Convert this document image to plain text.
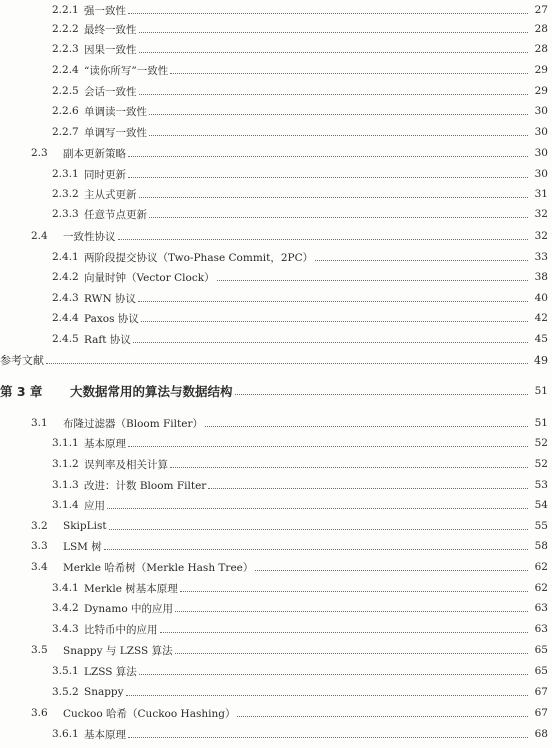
2.2.1 强一致性	27
2.2.2 最终一致性	28
2.2.3 因果一致性	28
2.2.4 “读你所写”一致性	29
2.2.5 会话一致性	29
2.2.6 单调读一致性	30
2.2.7 单调写一致性	30
2.3	副本更新策略	30
2.3.1 同时更新	30
2.3.2 主从式更新	31
2.3.3 任意节点更新	32
2.4	一致性协议	32
2.4.1 两阶段提交协议（Two-Phase Commit，2PC）	33
2.4.2 向量时钟（Vector Clock）	38
2.4.3 RWN 协议	40
2.4.4 Paxos 协议	42
2.4.5 Raft 协议	45
参考文献	49
第 3 章	大数据常用的算法与数据结构	51
3.1	布隆过滤器（Bloom Filter）	51
3.1.1 基本原理	52
3.1.2 误判率及相关计算	52
3.1.3 改进：计数 Bloom Filter	53
3.1.4 应用	54
3.2	SkipList	55
3.3	LSM 树	58
3.4	Merkle 哈希树（Merkle Hash Tree）	62
3.4.1 Merkle 树基本原理	62
3.4.2 Dynamo 中的应用	63
3.4.3 比特币中的应用	63
3.5	Snappy 与 LZSS 算法	65
3.5.1 LZSS 算法	65
3.5.2 Snappy	67
3.6	Cuckoo 哈希（Cuckoo Hashing）	67
3.6.1 基本原理	68
